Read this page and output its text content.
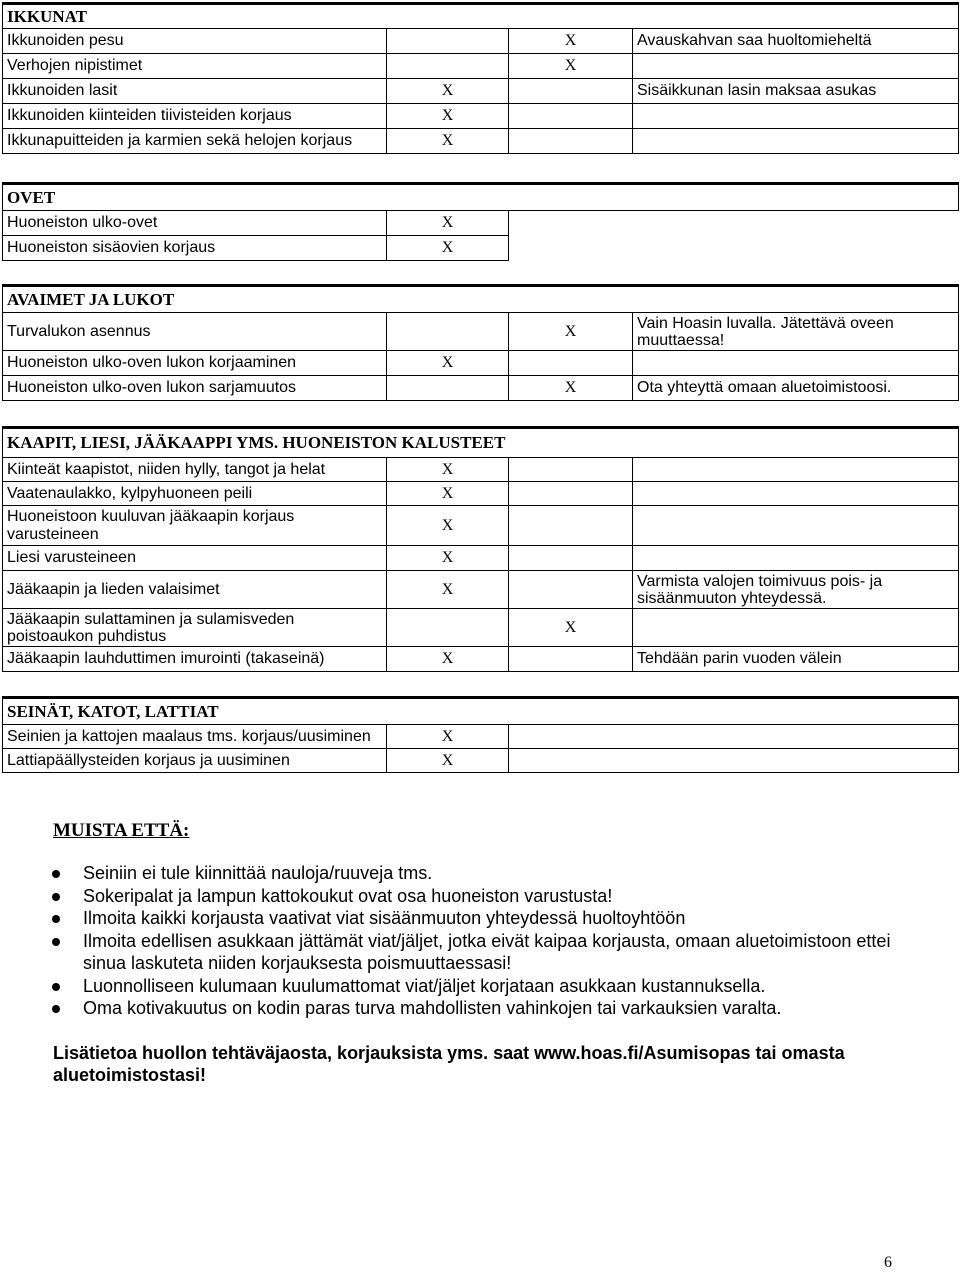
IKKUNAT			
Ikkunoiden pesu		X	Avauskahvan saa huoltomieheltä
Verhojen nipistimet		X	
Ikkunoiden lasit	X		Sisäikkunan lasin maksaa asukas
Ikkunoiden kiinteiden tiivisteiden korjaus	X		
Ikkunapuitteiden ja karmien sekä helojen korjaus	X		
OVET		
Huoneiston ulko-ovet	X	
Huoneiston sisäovien korjaus	X	
AVAIMET JA LUKOT			
Turvalukon asennus		X	Vain Hoasin luvalla. Jätettävä oveen muuttaessa!
Huoneiston ulko-oven lukon korjaaminen	X		
Huoneiston ulko-oven lukon sarjamuutos		X	Ota yhteyttä omaan aluetoimistoosi.
KAAPIT, LIESI, JÄÄKAAPPI YMS. HUONEISTON KALUSTEET			
Kiinteät kaapistot, niiden hylly, tangot ja helat	X		
Vaatenaulakko, kylpyhuoneen peili	X		
Huoneistoon kuuluvan jääkaapin korjaus varusteineen	X		
Liesi varusteineen	X		
Jääkaapin ja lieden valaisimet	X		Varmista valojen toimivuus pois- ja sisäänmuuton yhteydessä.
Jääkaapin sulattaminen ja sulamisveden poistoaukon puhdistus		X	
Jääkaapin lauhduttimen imurointi (takaseinä)	X		Tehdään parin vuoden välein
SEINÄT, KATOT, LATTIAT		
Seinien ja kattojen maalaus tms. korjaus/uusiminen	X	
Lattiapäällysteiden korjaus ja uusiminen	X	

MUISTA ETTÄ:

Seiniin ei tule kiinnittää nauloja/ruuveja tms.
Sokeripalat ja lampun kattokoukut ovat osa huoneiston varustusta!
Ilmoita kaikki korjausta vaativat viat sisäänmuuton yhteydessä huoltoyhtöön
Ilmoita edellisen asukkaan jättämät viat/jäljet, jotka eivät kaipaa korjausta, omaan aluetoimistoon ettei sinua laskuteta niiden korjauksesta poismuuttaessasi!
Luonnolliseen kulumaan kuulumattomat viat/jäljet korjataan asukkaan kustannuksella.
Oma kotivakuutus on kodin paras turva mahdollisten vahinkojen tai varkauksien varalta.

Lisätietoa huollon tehtäväjaosta, korjauksista yms. saat www.hoas.fi/Asumisopas tai omasta aluetoimistostasi!

6
